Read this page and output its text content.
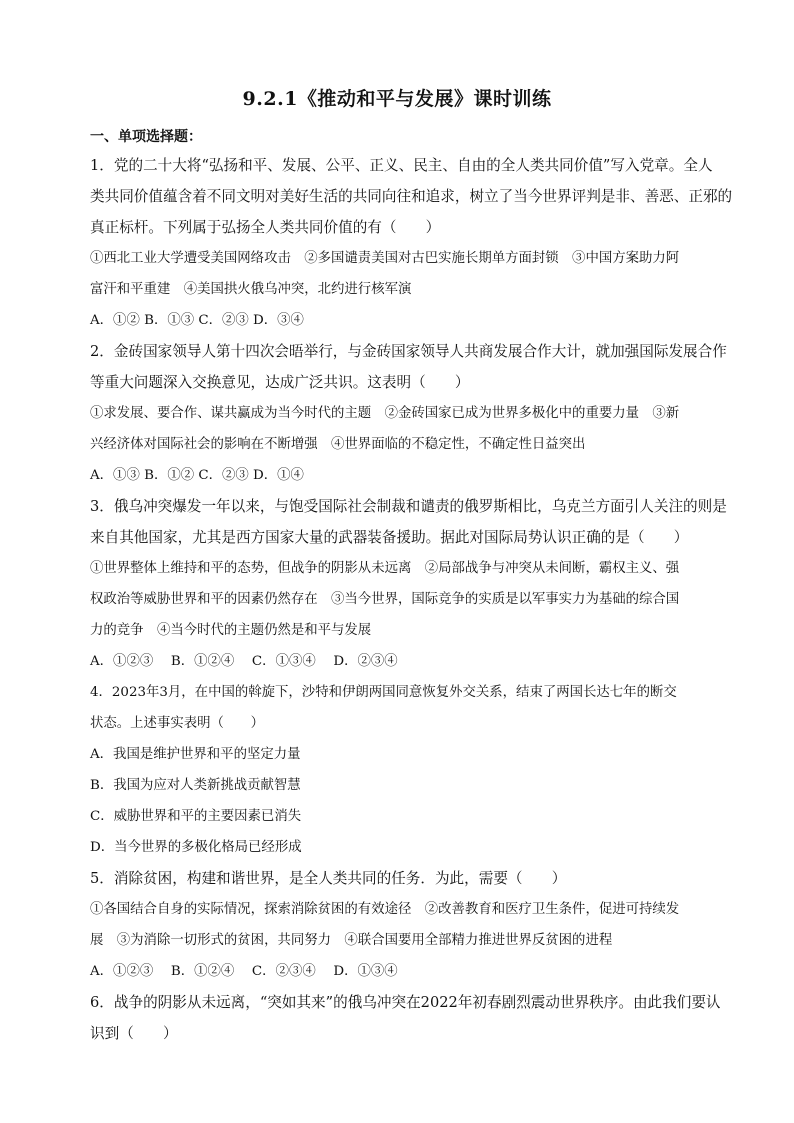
9.2.1《推动和平与发展》课时训练
一、单项选择题：
1．党的二十大将“弘扬和平、发展、公平、正义、民主、自由的全人类共同价值”写入党章。全人
类共同价值蕴含着不同文明对美好生活的共同向往和追求，树立了当今世界评判是非、善恶、正邪的
真正标杆。下列属于弘扬全人类共同价值的有（　　）
①西北工业大学遭受美国网络攻击　②多国谴责美国对古巴实施长期单方面封锁　③中国方案助力阿
富汗和平重建　④美国拱火俄乌冲突，北约进行核军演
A．①② B．①③ C．②③ D．③④
2．金砖国家领导人第十四次会晤举行，与金砖国家领导人共商发展合作大计，就加强国际发展合作
等重大问题深入交换意见，达成广泛共识。这表明（　　）
①求发展、要合作、谋共赢成为当今时代的主题　②金砖国家已成为世界多极化中的重要力量　③新
兴经济体对国际社会的影响在不断增强　④世界面临的不稳定性，不确定性日益突出
A．①③ B．①② C．②③ D．①④
3．俄乌冲突爆发一年以来，与饱受国际社会制裁和谴责的俄罗斯相比，乌克兰方面引人关注的则是
来自其他国家，尤其是西方国家大量的武器装备援助。据此对国际局势认识正确的是（　　）
①世界整体上维持和平的态势，但战争的阴影从未远离　②局部战争与冲突从未间断，霸权主义、强
权政治等威胁世界和平的因素仍然存在　③当今世界，国际竞争的实质是以军事实力为基础的综合国
力的竞争　④当今时代的主题仍然是和平与发展
A．①②③　 B．①②④　 C．①③④　 D．②③④
4．2023年3月，在中国的斡旋下，沙特和伊朗两国同意恢复外交关系，结束了两国长达七年的断交
状态。上述事实表明（　　）
A．我国是维护世界和平的坚定力量
B．我国为应对人类新挑战贡献智慧
C．威胁世界和平的主要因素已消失
D．当今世界的多极化格局已经形成
5．消除贫困，构建和谐世界，是全人类共同的任务．为此，需要（　　）
①各国结合自身的实际情况，探索消除贫困的有效途径　②改善教育和医疗卫生条件，促进可持续发
展　③为消除一切形式的贫困，共同努力　④联合国要用全部精力推进世界反贫困的进程
A．①②③　 B．①②④　 C．②③④　 D．①③④
6．战争的阴影从未远离，“突如其来”的俄乌冲突在2022年初春剧烈震动世界秩序。由此我们要认
识到（　　）
